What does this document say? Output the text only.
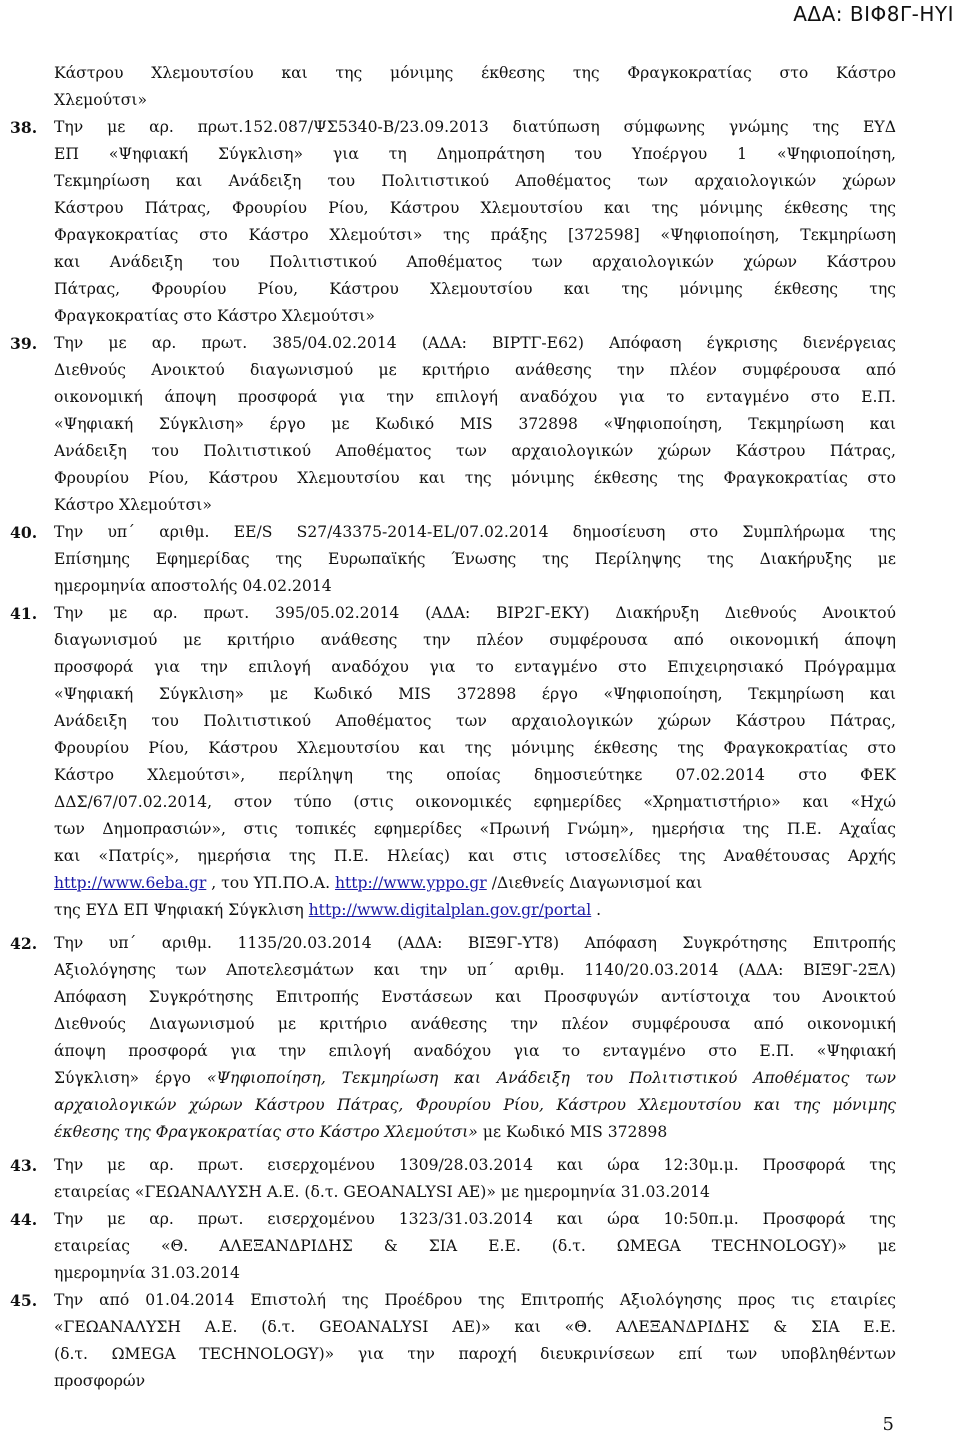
ΑΔΑ: ΒΙΦ8Γ-ΗΥΙ
Κάστρου Χλεμουτσίου και της μόνιμης έκθεσης της Φραγκοκρατίας στο Κάστρο
Χλεμούτσι»
38. Την με αρ. πρωτ.152.087/ΨΣ5340-Β/23.09.2013 διατύπωση σύμφωνης γνώμης της ΕΥΔ
ΕΠ «Ψηφιακή Σύγκλιση» για τη Δημοπράτηση του Υποέργου 1 «Ψηφιοποίηση,
Τεκμηρίωση και Ανάδειξη του Πολιτιστικού Αποθέματος των αρχαιολογικών χώρων
Κάστρου Πάτρας, Φρουρίου Ρίου, Κάστρου Χλεμουτσίου και της μόνιμης έκθεσης της
Φραγκοκρατίας στο Κάστρο Χλεμούτσι» της πράξης [372598] «Ψηφιοποίηση, Τεκμηρίωση
και Ανάδειξη του Πολιτιστικού Αποθέματος των αρχαιολογικών χώρων Κάστρου
Πάτρας, Φρουρίου Ρίου, Κάστρου Χλεμουτσίου και της μόνιμης έκθεσης της
Φραγκοκρατίας στο Κάστρο Χλεμούτσι»
39. Την με αρ. πρωτ. 385/04.02.2014 (ΑΔΑ: ΒΙΡΤΓ-Ε62) Απόφαση έγκρισης διενέργειας
Διεθνούς Ανοικτού διαγωνισμού με κριτήριο ανάθεσης την πλέον συμφέρουσα από
οικονομική άποψη προσφορά για την επιλογή αναδόχου για το ενταγμένο στο Ε.Π.
«Ψηφιακή Σύγκλιση» έργο με Κωδικό MIS 372898 «Ψηφιοποίηση, Τεκμηρίωση και
Ανάδειξη του Πολιτιστικού Αποθέματος των αρχαιολογικών χώρων Κάστρου Πάτρας,
Φρουρίου Ρίου, Κάστρου Χλεμουτσίου και της μόνιμης έκθεσης της Φραγκοκρατίας στο
Κάστρο Χλεμούτσι»
40. Την υπ΄ αριθμ. EE/S S27/43375-2014-EL/07.02.2014 δημοσίευση στο Συμπλήρωμα της
Επίσημης Εφημερίδας της Ευρωπαϊκής Ένωσης της Περίληψης της Διακήρυξης με
ημερομηνία αποστολής 04.02.2014
41. Την με αρ. πρωτ. 395/05.02.2014 (ΑΔΑ: ΒΙΡ2Γ-ΕΚΥ) Διακήρυξη Διεθνούς Ανοικτού
διαγωνισμού με κριτήριο ανάθεσης την πλέον συμφέρουσα από οικονομική άποψη
προσφορά για την επιλογή αναδόχου για το ενταγμένο στο Επιχειρησιακό Πρόγραμμα
«Ψηφιακή Σύγκλιση» με Κωδικό MIS 372898 έργο «Ψηφιοποίηση, Τεκμηρίωση και
Ανάδειξη του Πολιτιστικού Αποθέματος των αρχαιολογικών χώρων Κάστρου Πάτρας,
Φρουρίου Ρίου, Κάστρου Χλεμουτσίου και της μόνιμης έκθεσης της Φραγκοκρατίας στο
Κάστρο Χλεμούτσι», περίληψη της οποίας δημοσιεύτηκε 07.02.2014 στο ΦΕΚ
ΔΔΣ/67/07.02.2014, στον τύπο (στις οικονομικές εφημερίδες «Χρηματιστήριο» και «Ηχώ
των Δημοπρασιών», στις τοπικές εφημερίδες «Πρωινή Γνώμη», ημερήσια της Π.Ε. Αχαΐας
και «Πατρίς», ημερήσια της Π.Ε. Ηλείας) και στις ιστοσελίδες της Αναθέτουσας Αρχής
http://www.6eba.gr , του ΥΠ.ΠΟ.Α. http://www.yppo.gr /Διεθνείς Διαγωνισμοί και
της ΕΥΔ ΕΠ Ψηφιακή Σύγκλιση http://www.digitalplan.gov.gr/portal .
42. Την υπ΄ αριθμ. 1135/20.03.2014 (ΑΔΑ: ΒΙΞ9Γ-ΥΤ8) Απόφαση Συγκρότησης Επιτροπής
Αξιολόγησης των Αποτελεσμάτων και την υπ΄ αριθμ. 1140/20.03.2014 (ΑΔΑ: ΒΙΞ9Γ-2ΞΛ)
Απόφαση Συγκρότησης Επιτροπής Ενστάσεων και Προσφυγών αντίστοιχα του Ανοικτού
Διεθνούς Διαγωνισμού με κριτήριο ανάθεσης την πλέον συμφέρουσα από οικονομική
άποψη προσφορά για την επιλογή αναδόχου για το ενταγμένο στο Ε.Π. «Ψηφιακή
Σύγκλιση» έργο «Ψηφιοποίηση, Τεκμηρίωση και Ανάδειξη του Πολιτιστικού Αποθέματος των
αρχαιολογικών χώρων Κάστρου Πάτρας, Φρουρίου Ρίου, Κάστρου Χλεμουτσίου και της μόνιμης
έκθεσης της Φραγκοκρατίας στο Κάστρο Χλεμούτσι» με Κωδικό MIS 372898
43. Την με αρ. πρωτ. εισερχομένου 1309/28.03.2014 και ώρα 12:30μ.μ. Προσφορά της
εταιρείας «ΓΕΩΑΝΑΛΥΣΗ Α.Ε. (δ.τ. GEOANALYSI AE)» με ημερομηνία 31.03.2014
44. Την με αρ. πρωτ. εισερχομένου 1323/31.03.2014 και ώρα 10:50π.μ. Προσφορά της
εταιρείας «Θ. ΑΛΕΞΑΝΔΡΙΔΗΣ & ΣΙΑ Ε.Ε. (δ.τ. ΩMEGA TECHNOLOGY)» με
ημερομηνία 31.03.2014
45. Την από 01.04.2014 Επιστολή της Προέδρου της Επιτροπής Αξιολόγησης προς τις εταιρίες
«ΓΕΩΑΝΑΛΥΣΗ Α.Ε. (δ.τ. GEOANALYSI AE)» και «Θ. ΑΛΕΞΑΝΔΡΙΔΗΣ & ΣΙΑ Ε.Ε.
(δ.τ. ΩMEGA TECHNOLOGY)» για την παροχή διευκρινίσεων επί των υποβληθέντων
προσφορών
5
